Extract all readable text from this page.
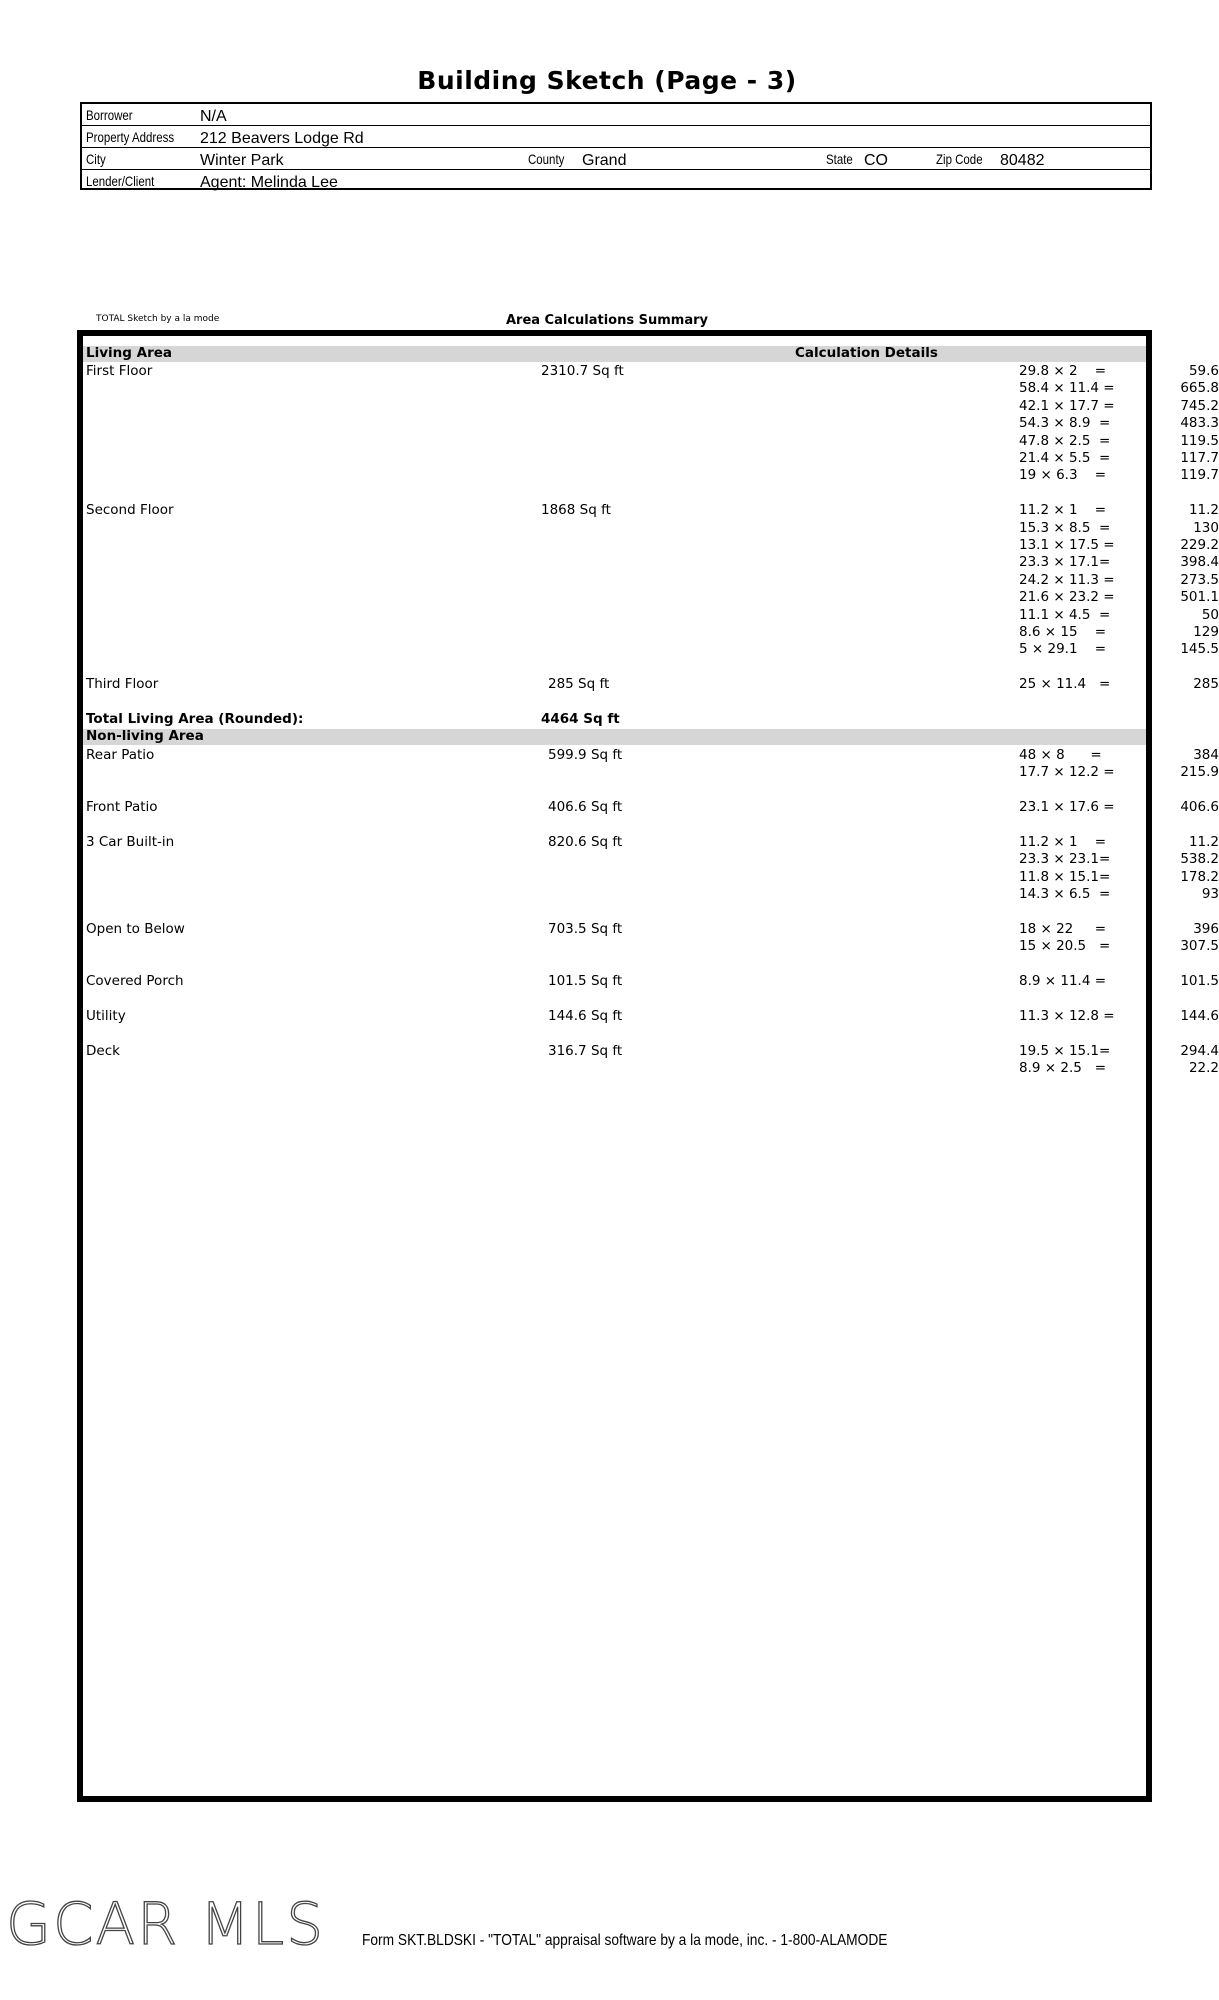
Building Sketch (Page - 3)
Borrower	N/A
Property Address 212 Beavers Lodge Rd
City	Winter Park	County Grand	State CO	Zip Code 80482
Lender/Client	Agent: Melinda Lee
TOTAL Sketch by a la mode	Area Calculations Summary
Living Area	Calculation Details
First Floor	2310.7 Sq ft	29.8 × 2    =	59.6
58.4 × 11.4 =	665.8
42.1 × 17.7 =	745.2
54.3 × 8.9  =	483.3
47.8 × 2.5  =	119.5
21.4 × 5.5  =	117.7
19 × 6.3    =	119.7
Second Floor	1868 Sq ft	11.2 × 1    =	11.2
15.3 × 8.5  =	130
13.1 × 17.5 =	229.2
23.3 × 17.1=	398.4
24.2 × 11.3 =	273.5
21.6 × 23.2 =	501.1
11.1 × 4.5  =	50
8.6 × 15    =	129
5 × 29.1    =	145.5
Third Floor	285 Sq ft	25 × 11.4   =	285
Total Living Area (Rounded):	4464 Sq ft
Non-living Area
Rear Patio	599.9 Sq ft	48 × 8      =	384
17.7 × 12.2 =	215.9
Front Patio	406.6 Sq ft	23.1 × 17.6 =	406.6
3 Car Built-in	820.6 Sq ft	11.2 × 1    =	11.2
23.3 × 23.1=	538.2
11.8 × 15.1=	178.2
14.3 × 6.5  =	93
Open to Below	703.5 Sq ft	18 × 22     =	396
15 × 20.5   =	307.5
Covered Porch	101.5 Sq ft	8.9 × 11.4 =	101.5
Utility	144.6 Sq ft	11.3 × 12.8 =	144.6
Deck	316.7 Sq ft	19.5 × 15.1=	294.4
8.9 × 2.5   =	22.2
GCAR MLS Form SKT.BLDSKI - "TOTAL" appraisal software by a la mode, inc. - 1-800-ALAMODE
